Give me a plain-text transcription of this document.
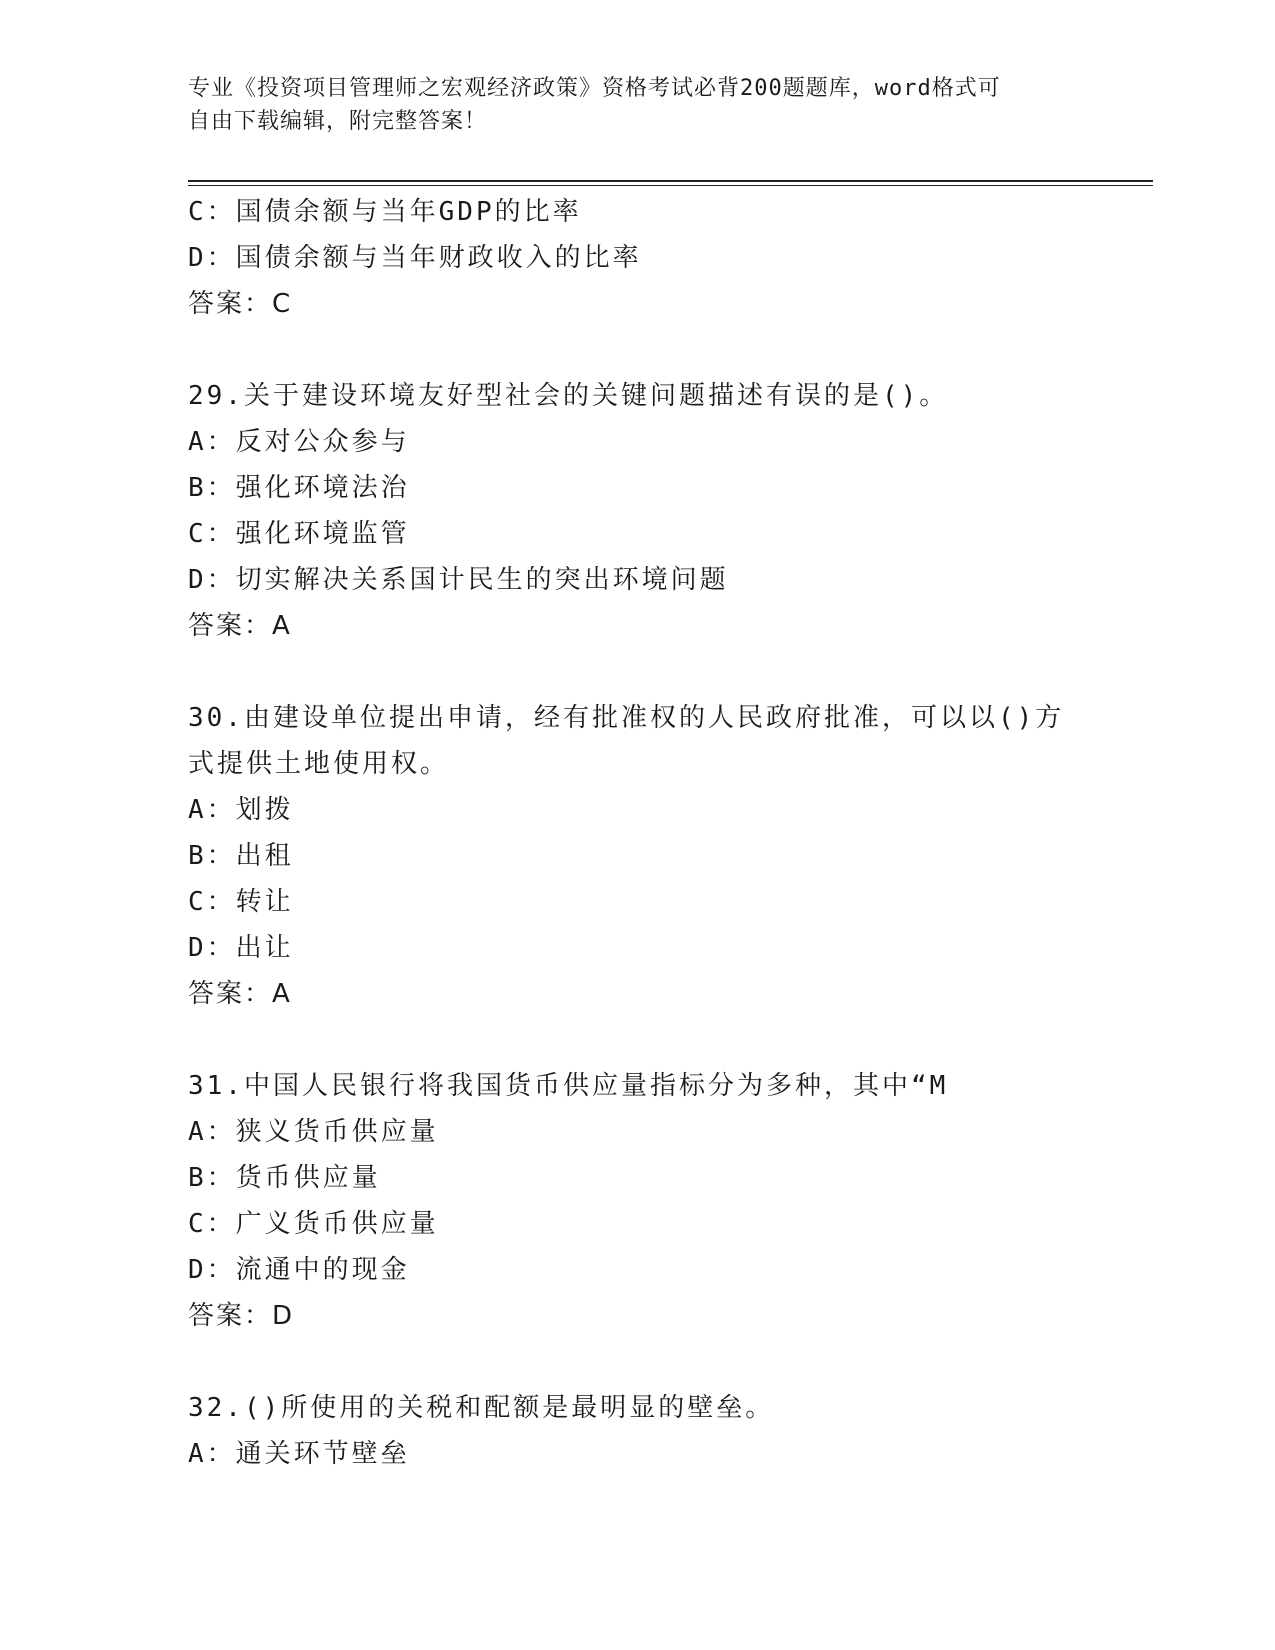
专业《投资项目管理师之宏观经济政策》资格考试必背200题题库，word格式可
自由下载编辑，附完整答案！
C：国债余额与当年GDP的比率
D：国债余额与当年财政收入的比率
答案：C
29.关于建设环境友好型社会的关键问题描述有误的是()。
A：反对公众参与
B：强化环境法治
C：强化环境监管
D：切实解决关系国计民生的突出环境问题
答案：A
30.由建设单位提出申请，经有批准权的人民政府批准，可以以()方式提供土地使用权。
A：划拨
B：出租
C：转让
D：出让
答案：A
31.中国人民银行将我国货币供应量指标分为多种，其中“M
A：狭义货币供应量
B：货币供应量
C：广义货币供应量
D：流通中的现金
答案：D
32.()所使用的关税和配额是最明显的壁垒。
A：通关环节壁垒
